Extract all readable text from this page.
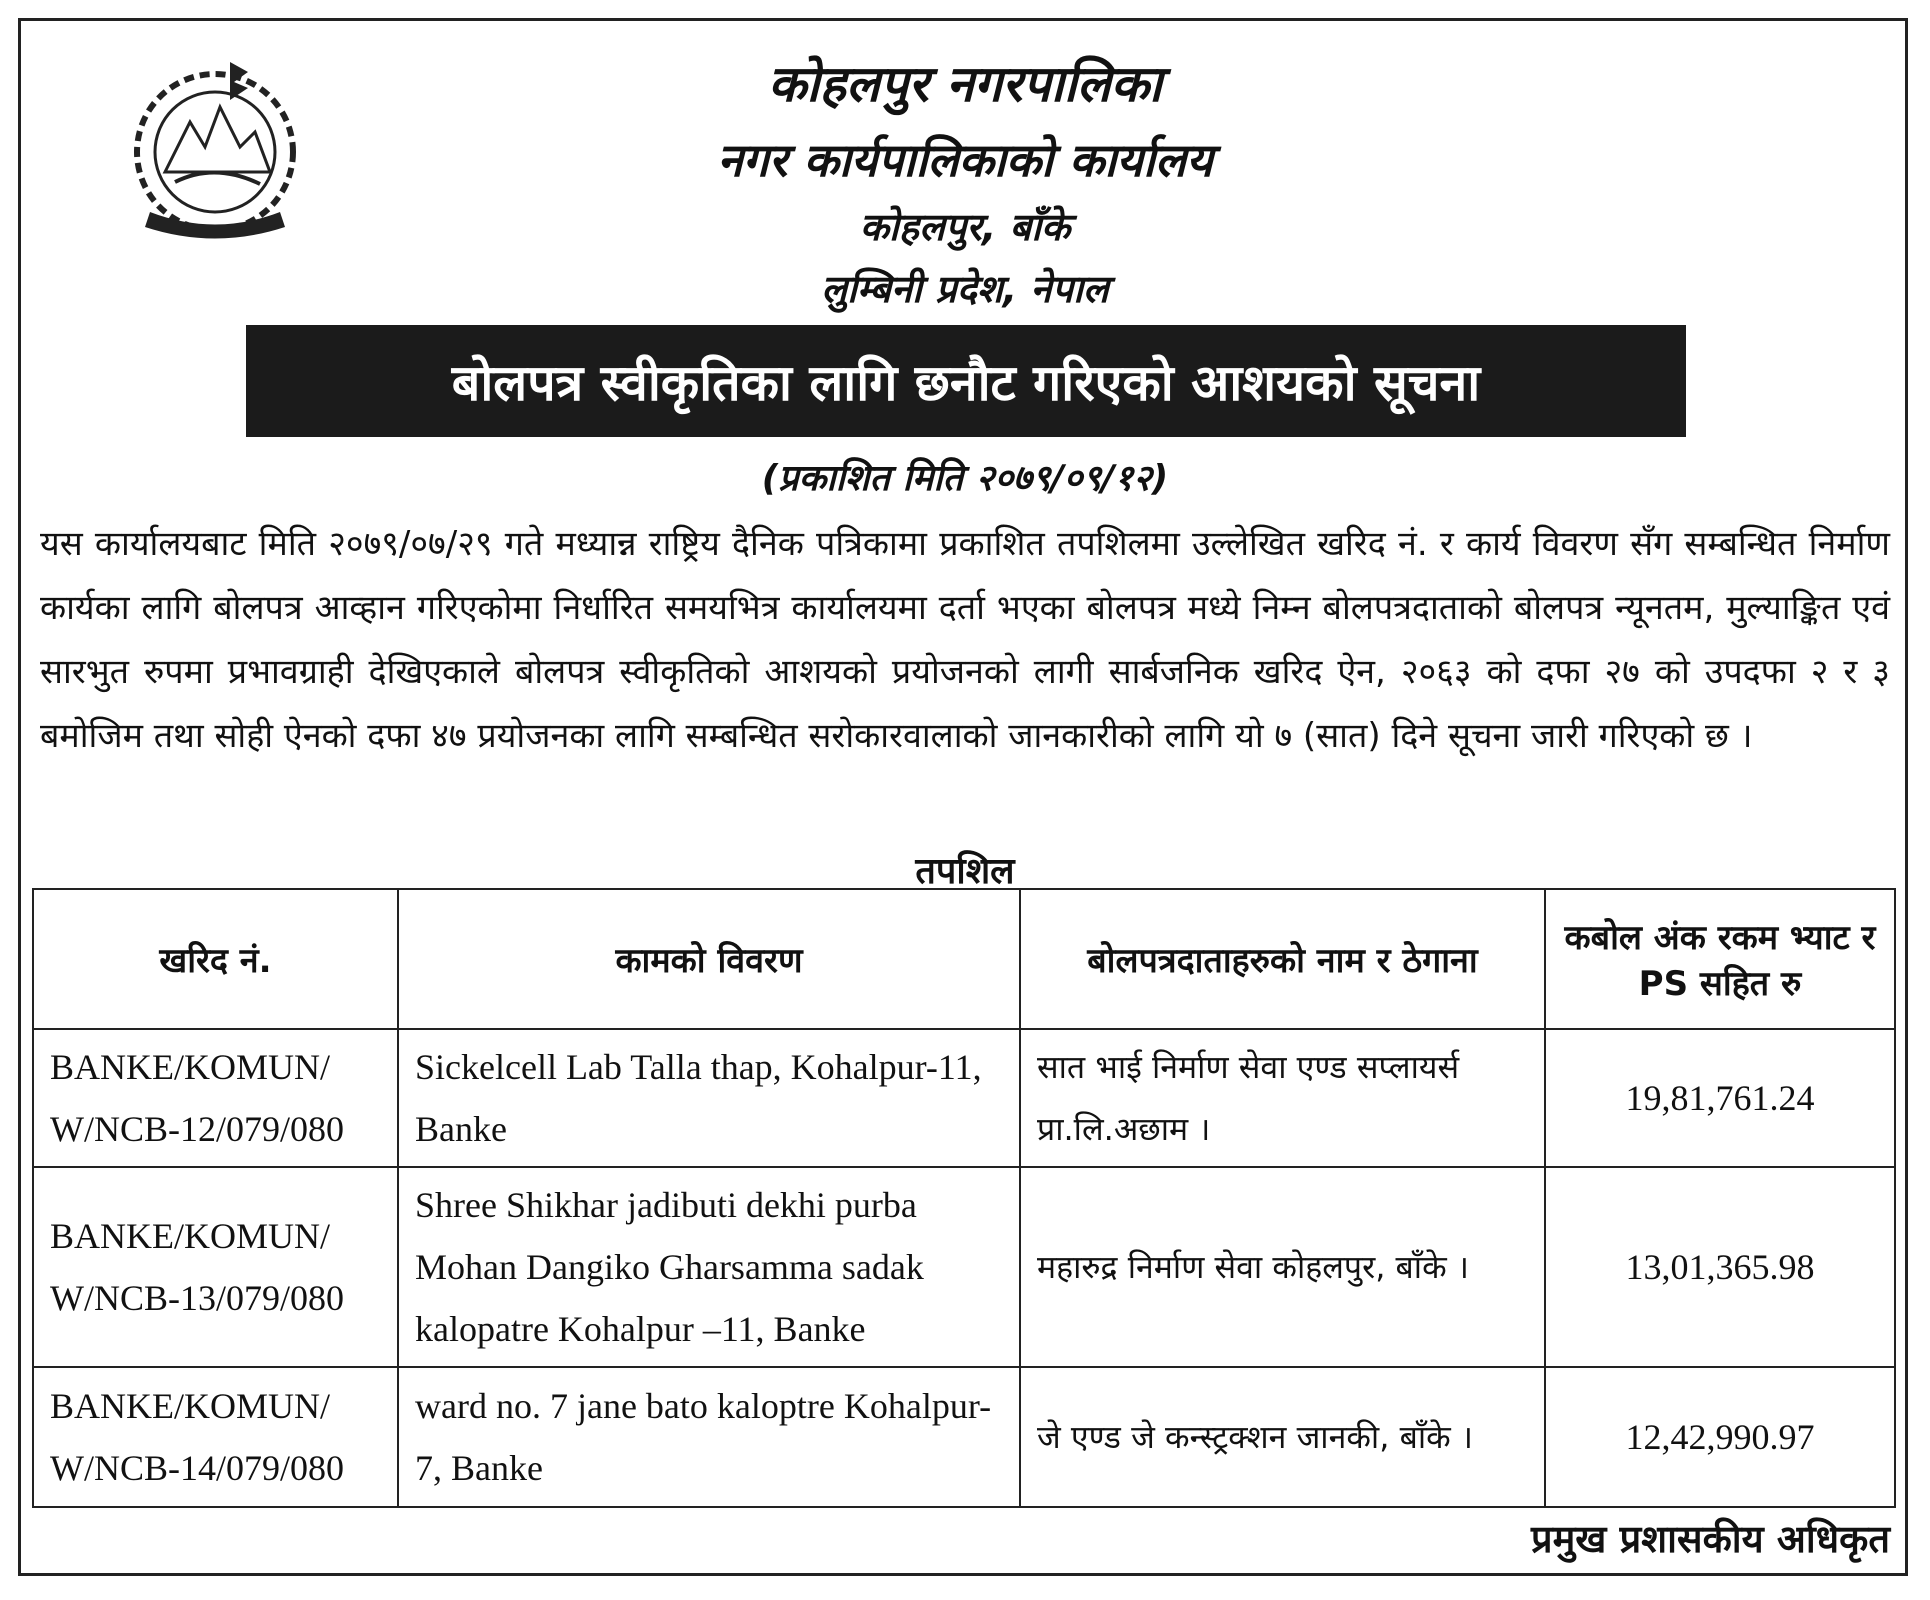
कोहलपुर नगरपालिका
नगर कार्यपालिकाको कार्यालय
कोहलपुर, बाँके
लुम्बिनी प्रदेश, नेपाल
बोलपत्र स्वीकृतिका लागि छनौट गरिएको आशयको सूचना
(प्रकाशित मिति २०७९/०९/१२)
यस कार्यालयबाट मिति २०७९/०७/२९ गते मध्यान्न राष्ट्रिय दैनिक पत्रिकामा प्रकाशित तपशिलमा उल्लेखित खरिद नं. र कार्य विवरण सँग सम्बन्धित निर्माण कार्यका लागि बोलपत्र आव्हान गरिएकोमा निर्धारित समयभित्र कार्यालयमा दर्ता भएका बोलपत्र मध्ये निम्न बोलपत्रदाताको बोलपत्र न्यूनतम, मुल्याङ्कित एवं सारभुत रुपमा प्रभावग्राही देखिएकाले बोलपत्र स्वीकृतिको आशयको प्रयोजनको लागी सार्बजनिक खरिद ऐन, २०६३ को दफा २७ को उपदफा २ र ३ बमोजिम तथा सोही ऐनको दफा ४७ प्रयोजनका लागि सम्बन्धित सरोकारवालाको जानकारीको लागि यो ७ (सात) दिने सूचना जारी गरिएको छ ।
तपशिल
खरिद नं.	कामको विवरण	बोलपत्रदाताहरुको नाम र ठेगाना	कबोल अंक रकम भ्याट र PS सहित रु
BANKE/KOMUN/ W/NCB-12/079/080	Sickelcell Lab Talla thap, Kohalpur-11, Banke	सात भाई निर्माण सेवा एण्ड सप्लायर्स प्रा.लि.अछाम ।	19,81,761.24
BANKE/KOMUN/ W/NCB-13/079/080	Shree Shikhar jadibuti dekhi purba Mohan Dangiko Gharsamma sadak kalopatre Kohalpur –11, Banke	महारुद्र निर्माण सेवा कोहलपुर, बाँके ।	13,01,365.98
BANKE/KOMUN/ W/NCB-14/079/080	ward no. 7 jane bato kaloptre Kohalpur-7, Banke	जे एण्ड जे कन्स्ट्रक्शन जानकी, बाँके ।	12,42,990.97
प्रमुख प्रशासकीय अधिकृत
